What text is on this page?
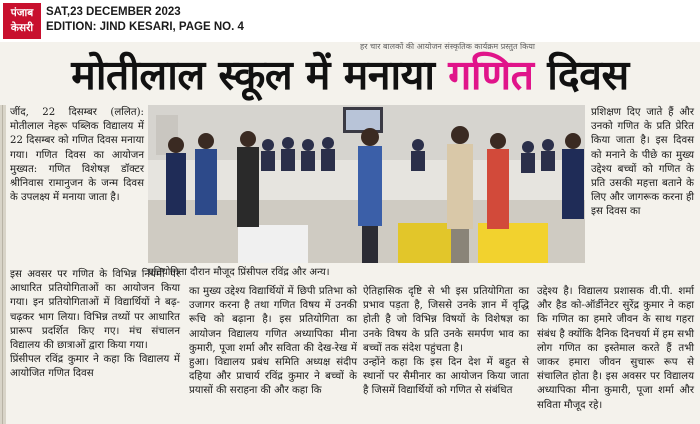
पंजाब केसरी
SAT,23 DECEMBER 2023
EDITION: JIND KESARI, PAGE NO. 4
हर चार बालकों की आयोजन संस्कृतिक कार्यक्रम प्रस्तुत किया
मोतीलाल स्कूल में मनाया गणित दिवस

जींद, 22 दिसम्बर (ललित): मोतीलाल नेहरू पब्लिक विद्यालय में 22 दिसम्बर को गणित दिवस मनाया गया। गणित दिवस का आयोजन मुख्यत: गणित विशेषज्ञ डॉक्टर श्रीनिवास रामानुजन के जन्म दिवस के उपलक्ष्य में मनाया जाता है।

इस अवसर पर गणित के विभिन्न नियमों पर आधारित प्रतियोगिताओं का आयोजन किया गया। इन प्रतियोगिताओं में विद्यार्थियों ने बढ़-चढ़कर भाग लिया। विभिन्न तथ्यों पर आधारित प्रारूप प्रदर्शित किए गए। मंच संचालन विद्यालय की छात्राओं द्वारा किया गया।

प्रिंसीपल रविंद्र कुमार ने कहा कि विद्यालय में आयोजित गणित दिवस

का मुख्य उद्देश्य विद्यार्थियों में छिपी प्रतिभा को उजागर करना है तथा गणित विषय में उनकी रूचि को बढ़ाना है। इस प्रतियोगिता का आयोजन विद्यालय गणित अध्यापिका मीना कुमारी, पूजा शर्मा और सविता की देख-रेख में हुआ। विद्यालय प्रबंध समिति अध्यक्ष संदीप दहिया और प्राचार्य रविंद्र कुमार ने बच्चों के प्रयासों की सराहना की और कहा कि

ऐतिहासिक दृष्टि से भी इस प्रतियोगिता का प्रभाव पड़ता है, जिससे उनके ज्ञान में वृद्धि होती है जो विभिन्न विषयों के विशेषज्ञ का उनके विषय के प्रति उनके समर्पण भाव का बच्चों तक संदेश पहुंचता है।

उन्होंने कहा कि इस दिन देश में बहुत से स्थानों पर सैमीनार का आयोजन किया जाता है जिसमें विद्यार्थियों को गणित से संबंधित

प्रशिक्षण दिए जाते हैं और उनको गणित के प्रति प्रेरित किया जाता है। इस दिवस को मनाने के पीछे का मुख्य उद्देश्य बच्चों को गणित के प्रति उसकी महत्ता बताने के लिए और जागरूक करना ही इस दिवस का

उद्देश्य है। विद्यालय प्रशासक वी.पी. शर्मा और हैड को-ऑर्डीनेटर सुरेंद्र कुमार ने कहा कि गणित का हमारे जीवन के साथ गहरा संबंध है क्योंकि दैनिक दिनचर्या में हम सभी लोग गणित का इस्तेमाल करते हैं तभी जाकर हमारा जीवन सुचारू रूप से संचालित होता है। इस अवसर पर विद्यालय अध्यापिका मीना कुमारी, पूजा शर्मा और सविता मौजूद रहे।

प्रतियोगिता दौरान मौजूद प्रिंसीपल रविंद्र और अन्य।
